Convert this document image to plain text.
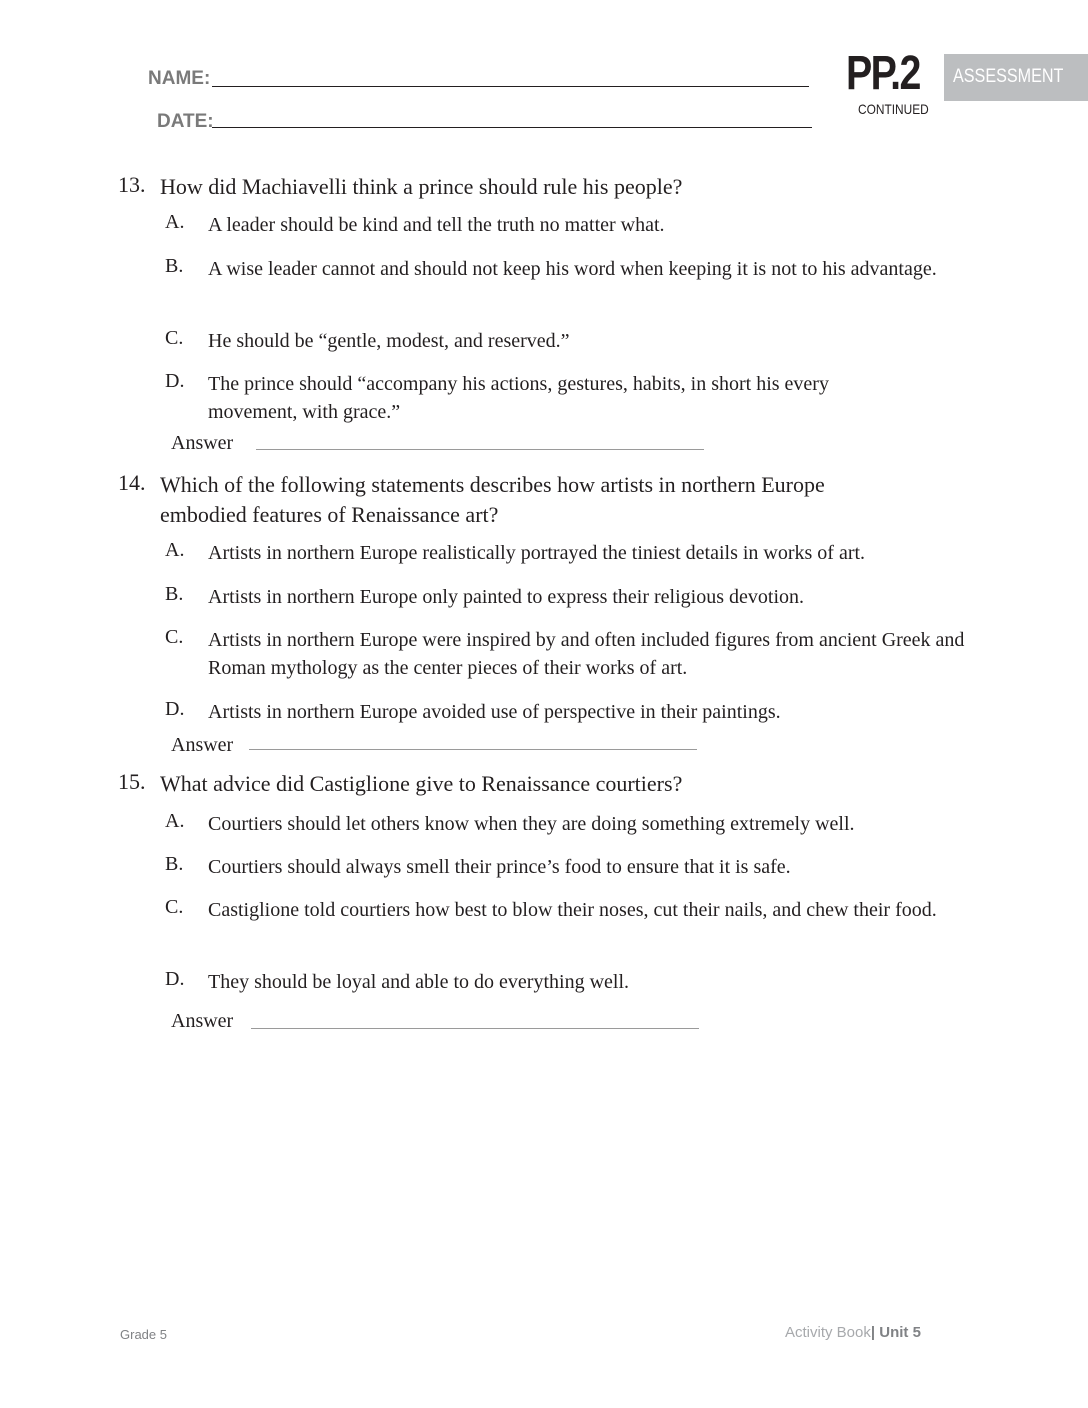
NAME:
DATE:
PP.2
CONTINUED
ASSESSMENT
13. How did Machiavelli think a prince should rule his people?
A. A leader should be kind and tell the truth no matter what.
B. A wise leader cannot and should not keep his word when keeping it is not to his advantage.
C. He should be “gentle, modest, and reserved.”
D. The prince should “accompany his actions, gestures, habits, in short his every movement, with grace.”
Answer
14. Which of the following statements describes how artists in northern Europe embodied features of Renaissance art?
A. Artists in northern Europe realistically portrayed the tiniest details in works of art.
B. Artists in northern Europe only painted to express their religious devotion.
C. Artists in northern Europe were inspired by and often included figures from ancient Greek and Roman mythology as the center pieces of their works of art.
D. Artists in northern Europe avoided use of perspective in their paintings.
Answer
15. What advice did Castiglione give to Renaissance courtiers?
A. Courtiers should let others know when they are doing something extremely well.
B. Courtiers should always smell their prince’s food to ensure that it is safe.
C. Castiglione told courtiers how best to blow their noses, cut their nails, and chew their food.
D. They should be loyal and able to do everything well.
Answer
Grade 5	Activity Book| Unit 5
